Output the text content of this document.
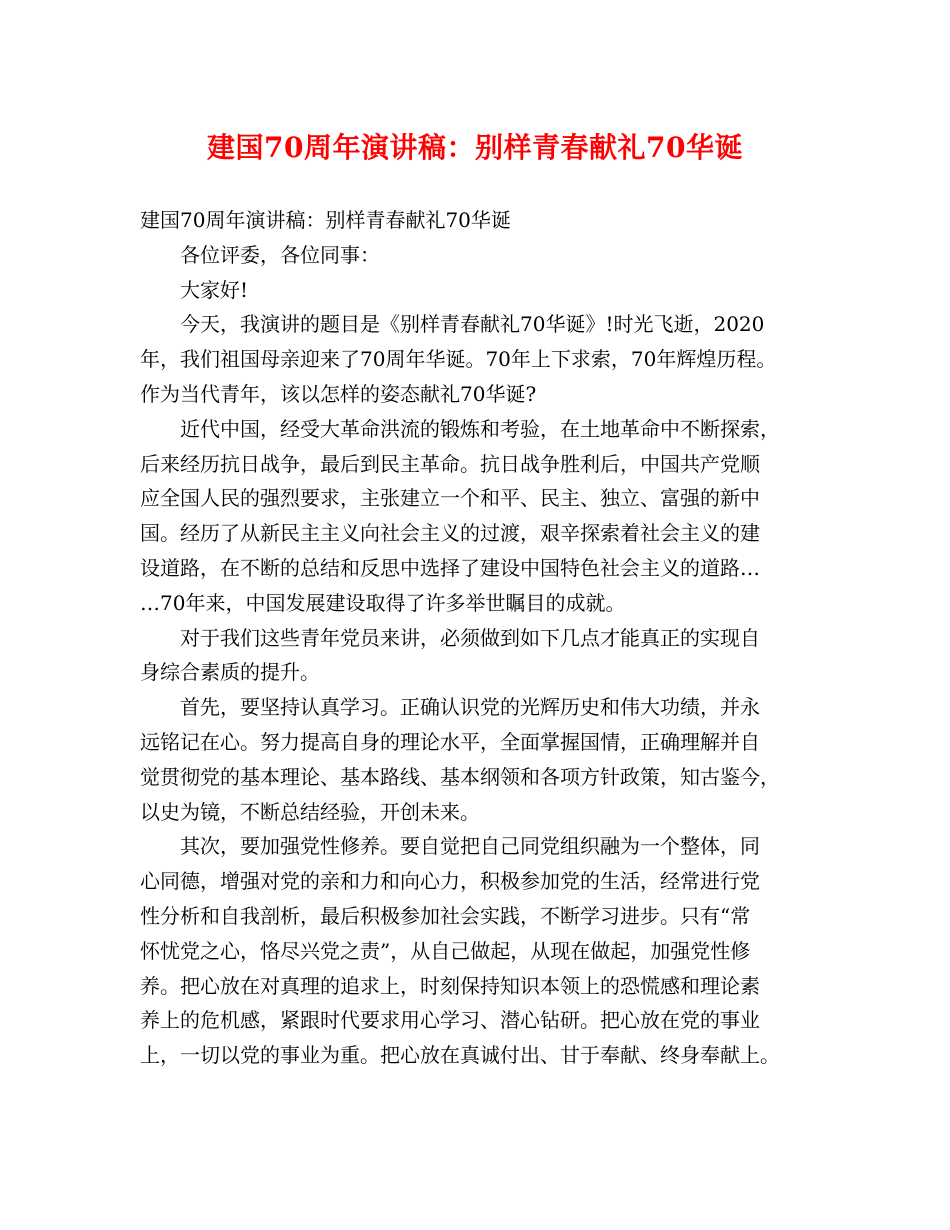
建国70周年演讲稿：别样青春献礼70华诞

建国70周年演讲稿：别样青春献礼70华诞

各位评委，各位同事：

大家好!

今天，我演讲的题目是《别样青春献礼70华诞》!时光飞逝，2020
年，我们祖国母亲迎来了70周年华诞。70年上下求索，70年辉煌历程。
作为当代青年，该以怎样的姿态献礼70华诞?

近代中国，经受大革命洪流的锻炼和考验，在土地革命中不断探索，
后来经历抗日战争，最后到民主革命。抗日战争胜利后，中国共产党顺
应全国人民的强烈要求，主张建立一个和平、民主、独立、富强的新中
国。经历了从新民主主义向社会主义的过渡，艰辛探索着社会主义的建
设道路，在不断的总结和反思中选择了建设中国特色社会主义的道路…
…70年来，中国发展建设取得了许多举世瞩目的成就。

对于我们这些青年党员来讲，必须做到如下几点才能真正的实现自
身综合素质的提升。

首先，要坚持认真学习。正确认识党的光辉历史和伟大功绩，并永
远铭记在心。努力提高自身的理论水平，全面掌握国情，正确理解并自
觉贯彻党的基本理论、基本路线、基本纲领和各项方针政策，知古鉴今，
以史为镜，不断总结经验，开创未来。

其次，要加强党性修养。要自觉把自己同党组织融为一个整体，同
心同德，增强对党的亲和力和向心力，积极参加党的生活，经常进行党
性分析和自我剖析，最后积极参加社会实践，不断学习进步。只有“常
怀忧党之心，恪尽兴党之责”，从自己做起，从现在做起，加强党性修
养。把心放在对真理的追求上，时刻保持知识本领上的恐慌感和理论素
养上的危机感，紧跟时代要求用心学习、潜心钻研。把心放在党的事业
上，一切以党的事业为重。把心放在真诚付出、甘于奉献、终身奉献上。
